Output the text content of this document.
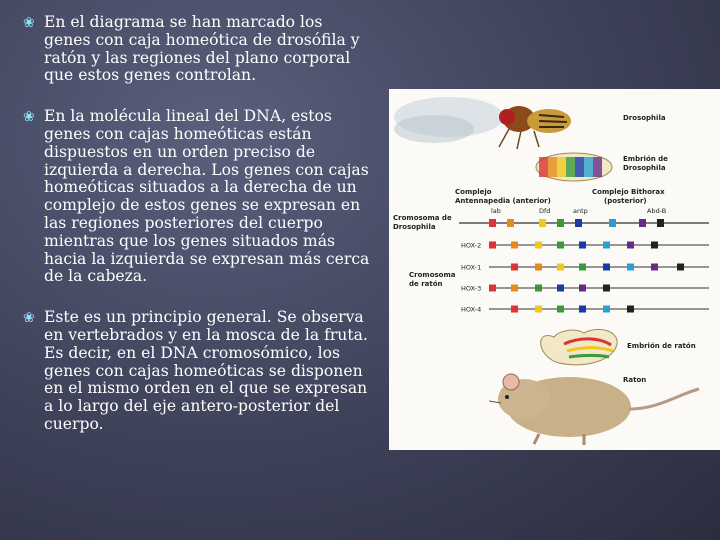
❀ En el diagrama se han marcado los genes con caja homeótica de drosófila y ratón y las regiones del plano corporal que estos genes controlan.
❀ En la molécula lineal del DNA, estos genes con cajas homeóticas están dispuestos en un orden preciso de izquierda a derecha. Los genes con cajas homeóticas situados a la derecha de un complejo de estos genes se expresan en las regiones posteriores del cuerpo mientras que los genes situados más hacia la izquierda se expresan más cerca de la cabeza.
❀ Este es un principio general. Se observa en vertebrados y en la mosca de la fruta. Es decir, en el DNA cromosómico, los genes con cajas homeóticas se disponen en el mismo orden en el que se expresan a lo largo del eje antero-posterior del cuerpo.
Drosophila
Embrión de Drosophila
Complejo Antennapedia (anterior)
Complejo Bithorax (posterior)
lab	Dfd	antp	Abd-B
Cromosoma de Drosophila
HOX-2
HOX-1
HOX-3
HOX-4
Cromosoma de ratón
Embrión de ratón
Raton
